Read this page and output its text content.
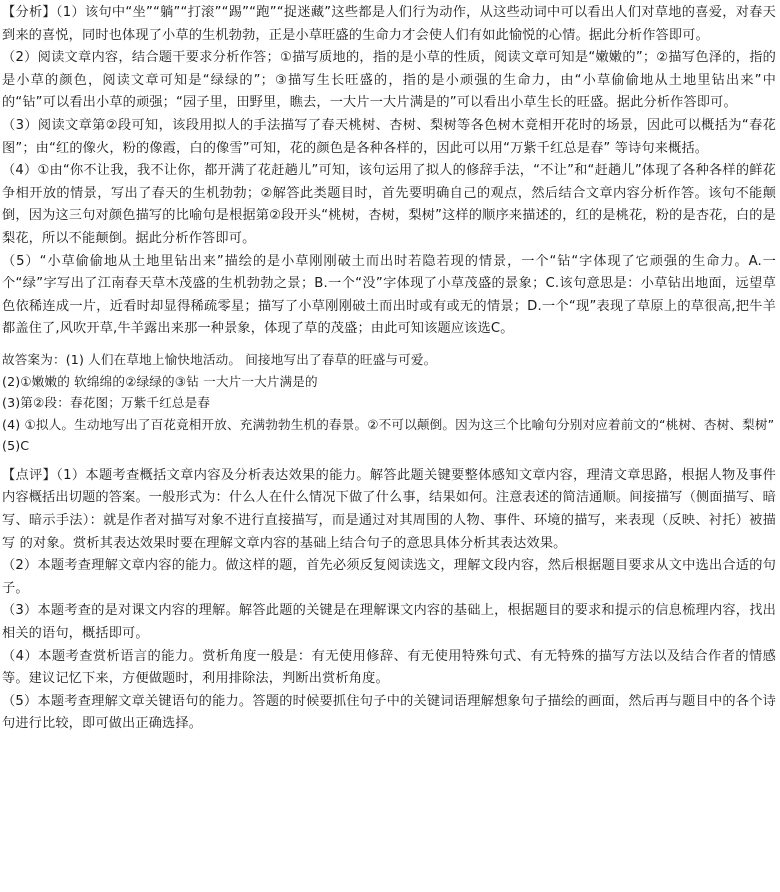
【分析】（1）该句中“坐”“躺”“打滚”“踢”“跑”“捉迷藏”这些都是人们行为动作，从这些动词中可以看出人们对草地的喜爱，对春天到来的喜悦，同时也体现了小草的生机勃勃，正是小草旺盛的生命力才会使人们有如此愉悦的心情。据此分析作答即可。

（2）阅读文章内容，结合题干要求分析作答；①描写质地的，指的是小草的性质，阅读文章可知是“嫩嫩的”；②描写色泽的，指的是小草的颜色，阅读文章可知是“绿绿的”；③描写生长旺盛的，指的是小顽强的生命力，由“小草偷偷地从土地里钻出来”中的“钻”可以看出小草的顽强；“园子里，田野里，瞧去，一大片一大片满是的”可以看出小草生长的旺盛。据此分析作答即可。

（3）阅读文章第②段可知，该段用拟人的手法描写了春天桃树、杏树、梨树等各色树木竟相开花时的场景，因此可以概括为“春花图”；由“红的像火，粉的像霞，白的像雪”可知，花的颜色是各种各样的，因此可以用“万紫千红总是春” 等诗句来概括。

（4）①由“你不让我，我不让你，都开满了花赶趟儿”可知，该句运用了拟人的修辞手法，“不让”和“赶趟儿”体现了各种各样的鲜花争相开放的情景，写出了春天的生机勃勃；②解答此类题目时，首先要明确自己的观点，然后结合文章内容分析作答。该句不能颠倒，因为这三句对颜色描写的比喻句是根据第②段开头“桃树，杏树，梨树”这样的顺序来描述的，红的是桃花，粉的是杏花，白的是梨花，所以不能颠倒。据此分析作答即可。

（5）“小草偷偷地从土地里钻出来”描绘的是小草刚刚破土而出时若隐若现的情景，一个“钻“字体现了它顽强的生命力。A.一个“绿”字写出了江南春天草木茂盛的生机勃勃之景；B.一个“没”字体现了小草茂盛的景象；C.该句意思是：小草钻出地面，远望草色依稀连成一片，近看时却显得稀疏零星；描写了小草刚刚破土而出时或有或无的情景；D.一个“现”表现了草原上的草很高,把牛羊都盖住了,风吹开草,牛羊露出来那一种景象，体现了草的茂盛；由此可知该题应该选C。

故答案为：(1) 人们在草地上愉快地活动。 间接地写出了春草的旺盛与可爱。

(2)①嫩嫩的 软绵绵的②绿绿的③钻 一大片一大片满是的

(3)第②段：春花图；万紫千红总是春

(4) ①拟人。生动地写出了百花竟相开放、充满勃勃生机的春景。②不可以颠倒。因为这三个比喻句分别对应着前文的“桃树、杏树、梨树”

(5)C

【点评】（1）本题考查概括文章内容及分析表达效果的能力。解答此题关键要整体感知文章内容，理清文章思路，根据人物及事件内容概括出切题的答案。一般形式为：什么人在什么情况下做了什么事，结果如何。注意表述的简洁通顺。间接描写（侧面描写、暗写、暗示手法）：就是作者对描写对象不进行直接描写，而是通过对其周围的人物、事件、环境的描写，来表现（反映、衬托）被描写 的对象。赏析其表达效果时要在理解文章内容的基础上结合句子的意思具体分析其表达效果。

（2）本题考查理解文章内容的能力。做这样的题，首先必须反复阅读选文，理解文段内容，然后根据题目要求从文中选出合适的句子。

（3）本题考查的是对课文内容的理解。解答此题的关键是在理解课文内容的基础上，根据题目的要求和提示的信息梳理内容，找出相关的语句，概括即可。

（4）本题考查赏析语言的能力。赏析角度一般是：有无使用修辞、有无使用特殊句式、有无特殊的描写方法以及结合作者的情感等。建议记忆下来，方便做题时，利用排除法，判断出赏析角度。

（5）本题考查理解文章关键语句的能力。答题的时候要抓住句子中的关键词语理解想象句子描绘的画面，然后再与题目中的各个诗句进行比较，即可做出正确选择。
